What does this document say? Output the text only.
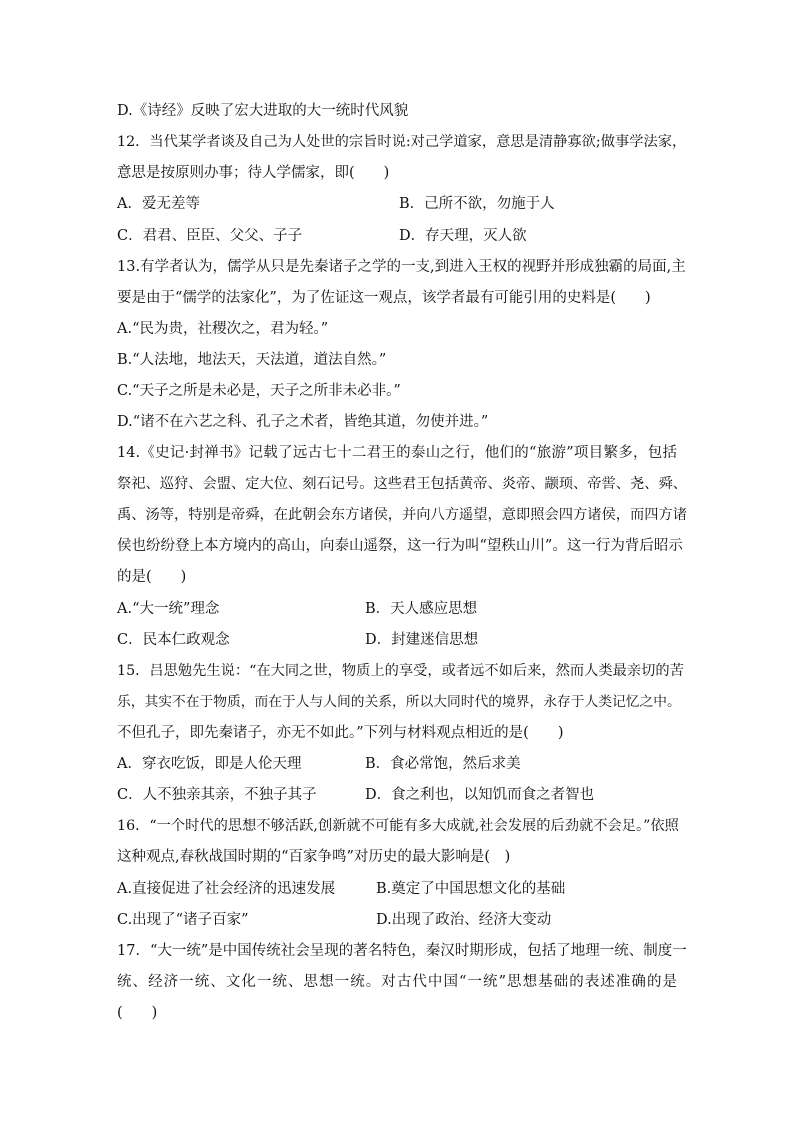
D.《诗经》反映了宏大进取的大一统时代风貌
12．当代某学者谈及自己为人处世的宗旨时说:对己学道家，意思是清静寡欲;做事学法家，
意思是按原则办事；待人学儒家，即(　　)
A．爱无差等	B．己所不欲，勿施于人
C．君君、臣臣、父父、子子	D．存天理，灭人欲
13.有学者认为，儒学从只是先秦诸子之学的一支,到进入王权的视野并形成独霸的局面,主
要是由于“儒学的法家化”，为了佐证这一观点，该学者最有可能引用的史料是(　　)
A.“民为贵，社稷次之，君为轻。”
B.“人法地，地法天，天法道，道法自然。”
C.“天子之所是未必是，天子之所非未必非。”
D.“诸不在六艺之科、孔子之术者，皆绝其道，勿使并进。”
14.《史记·封禅书》记载了远古七十二君王的泰山之行，他们的“旅游”项目繁多，包括
祭祀、巡狩、会盟、定大位、刻石记号。这些君王包括黄帝、炎帝、颛顼、帝喾、尧、舜、
禹、汤等，特别是帝舜，在此朝会东方诸侯，并向八方遥望，意即照会四方诸侯，而四方诸
侯也纷纷登上本方境内的高山，向泰山遥祭，这一行为叫“望秩山川”。这一行为背后昭示
的是(　　)
A.“大一统”理念	B．天人感应思想
C．民本仁政观念	D．封建迷信思想
15．吕思勉先生说：“在大同之世，物质上的享受，或者远不如后来，然而人类最亲切的苦
乐，其实不在于物质，而在于人与人间的关系，所以大同时代的境界，永存于人类记忆之中。
不但孔子，即先秦诸子，亦无不如此。”下列与材料观点相近的是(　　)
A．穿衣吃饭，即是人伦天理	B．食必常饱，然后求美
C．人不独亲其亲，不独子其子	D．食之利也，以知饥而食之者智也
16．“一个时代的思想不够活跃,创新就不可能有多大成就,社会发展的后劲就不会足。”依照
这种观点,春秋战国时期的“百家争鸣”对历史的最大影响是(　)
A.直接促进了社会经济的迅速发展	B.奠定了中国思想文化的基础
C.出现了“诸子百家”	D.出现了政治、经济大变动
17．“大一统”是中国传统社会呈现的著名特色，秦汉时期形成，包括了地理一统、制度一
统、经济一统、文化一统、思想一统。对古代中国“一统”思想基础的表述准确的是
(　　)
